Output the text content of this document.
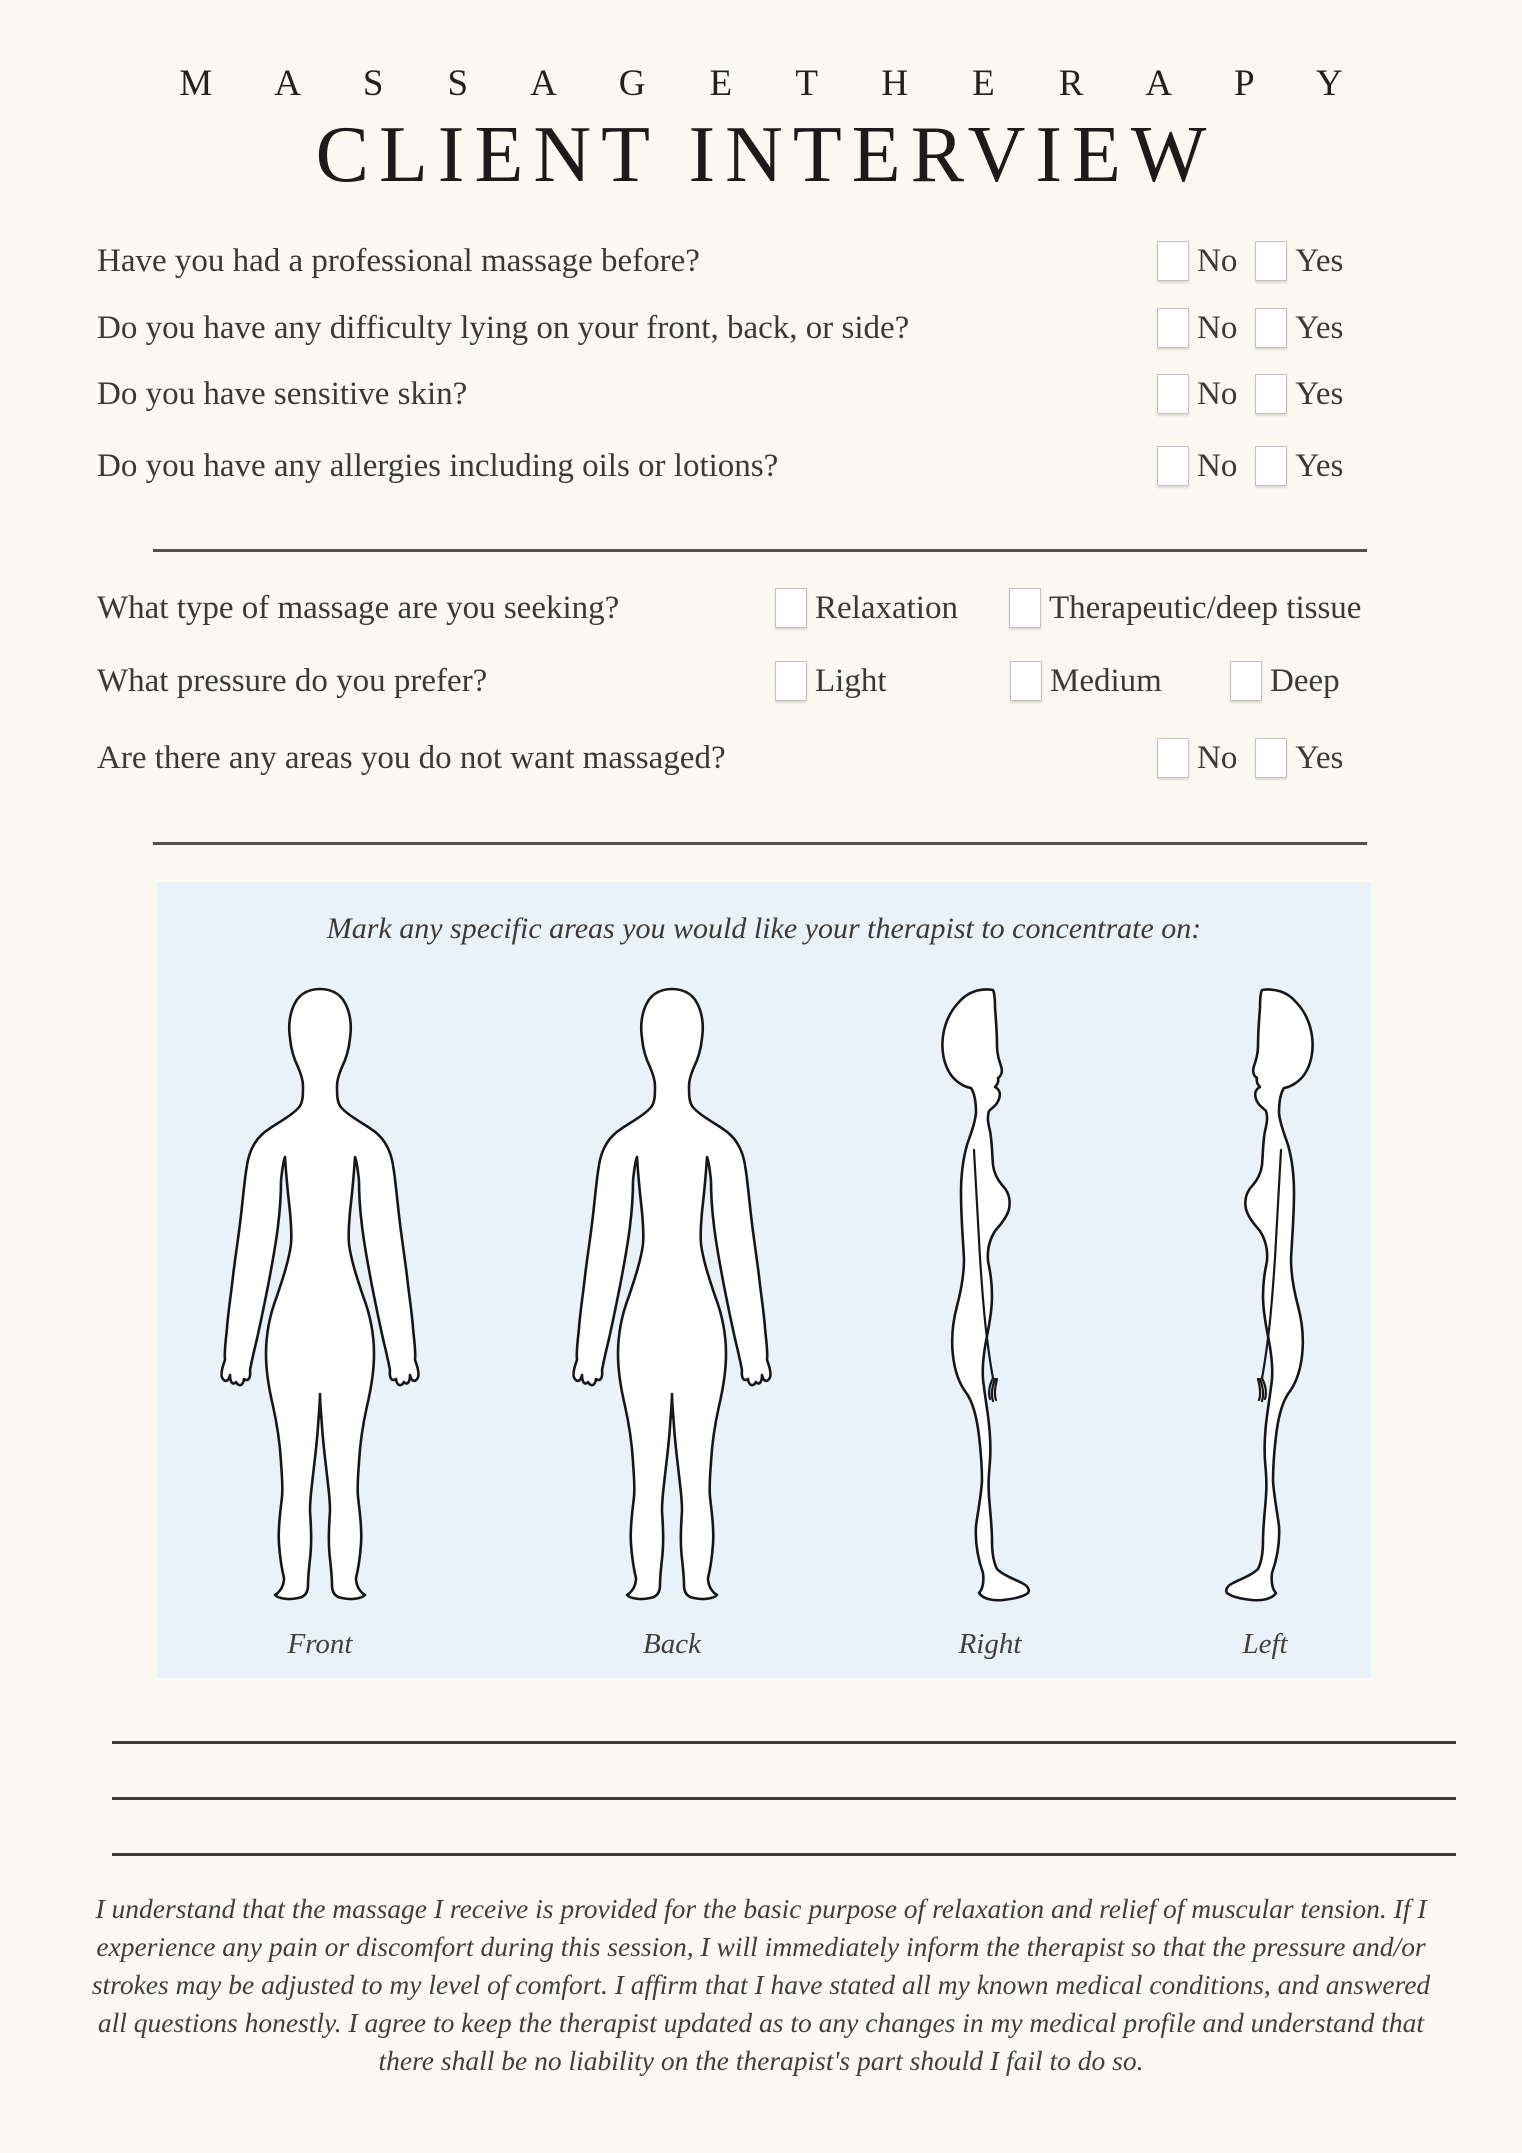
M A S S A G E T H E R A P Y
CLIENT INTERVIEW
Have you had a professional massage before?	No Yes
Do you have any difficulty lying on your front, back, or side?	No Yes
Do you have sensitive skin?	No Yes
Do you have any allergies including oils or lotions?	No Yes
What type of massage are you seeking?	Relaxation	Therapeutic/deep tissue
What pressure do you prefer?	Light	Medium	Deep
Are there any areas you do not want massaged?	No Yes
Mark any specific areas you would like your therapist to concentrate on:
Front	Back	Right	Left
I understand that the massage I receive is provided for the basic purpose of relaxation and relief of muscular tension. If I experience any pain or discomfort during this session, I will immediately inform the therapist so that the pressure and/or strokes may be adjusted to my level of comfort. I affirm that I have stated all my known medical conditions, and answered all questions honestly. I agree to keep the therapist updated as to any changes in my medical profile and understand that there shall be no liability on the therapist's part should I fail to do so.
